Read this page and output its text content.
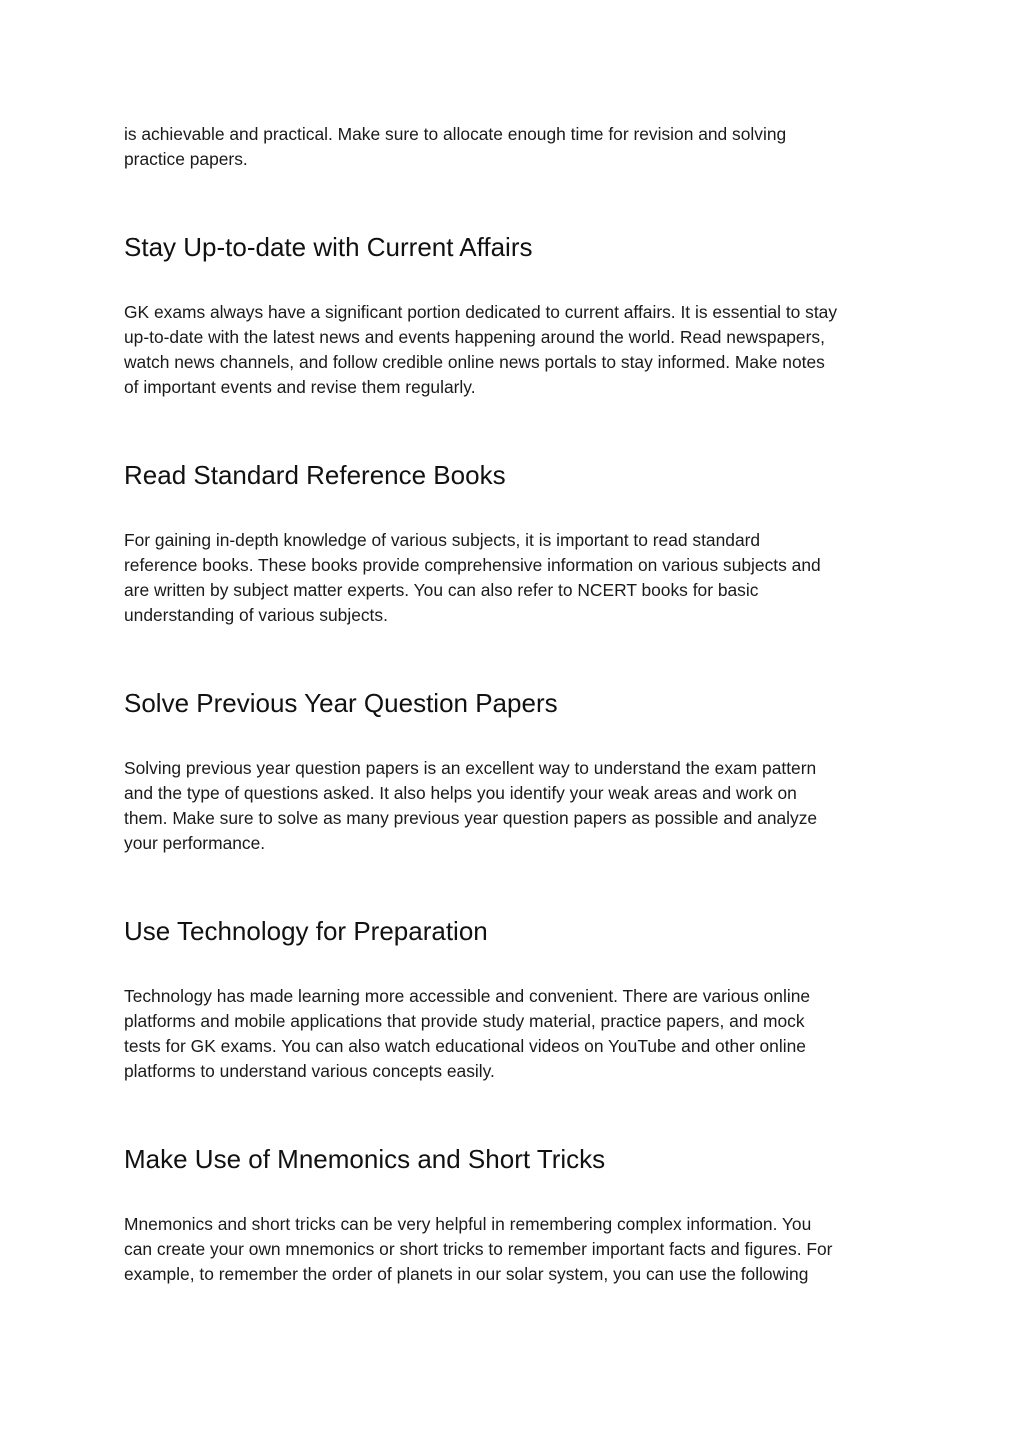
is achievable and practical. Make sure to allocate enough time for revision and solving
practice papers.

Stay Up-to-date with Current Affairs

GK exams always have a significant portion dedicated to current affairs. It is essential to stay
up-to-date with the latest news and events happening around the world. Read newspapers,
watch news channels, and follow credible online news portals to stay informed. Make notes
of important events and revise them regularly.

Read Standard Reference Books

For gaining in-depth knowledge of various subjects, it is important to read standard
reference books. These books provide comprehensive information on various subjects and
are written by subject matter experts. You can also refer to NCERT books for basic
understanding of various subjects.

Solve Previous Year Question Papers

Solving previous year question papers is an excellent way to understand the exam pattern
and the type of questions asked. It also helps you identify your weak areas and work on
them. Make sure to solve as many previous year question papers as possible and analyze
your performance.

Use Technology for Preparation

Technology has made learning more accessible and convenient. There are various online
platforms and mobile applications that provide study material, practice papers, and mock
tests for GK exams. You can also watch educational videos on YouTube and other online
platforms to understand various concepts easily.

Make Use of Mnemonics and Short Tricks

Mnemonics and short tricks can be very helpful in remembering complex information. You
can create your own mnemonics or short tricks to remember important facts and figures. For
example, to remember the order of planets in our solar system, you can use the following
